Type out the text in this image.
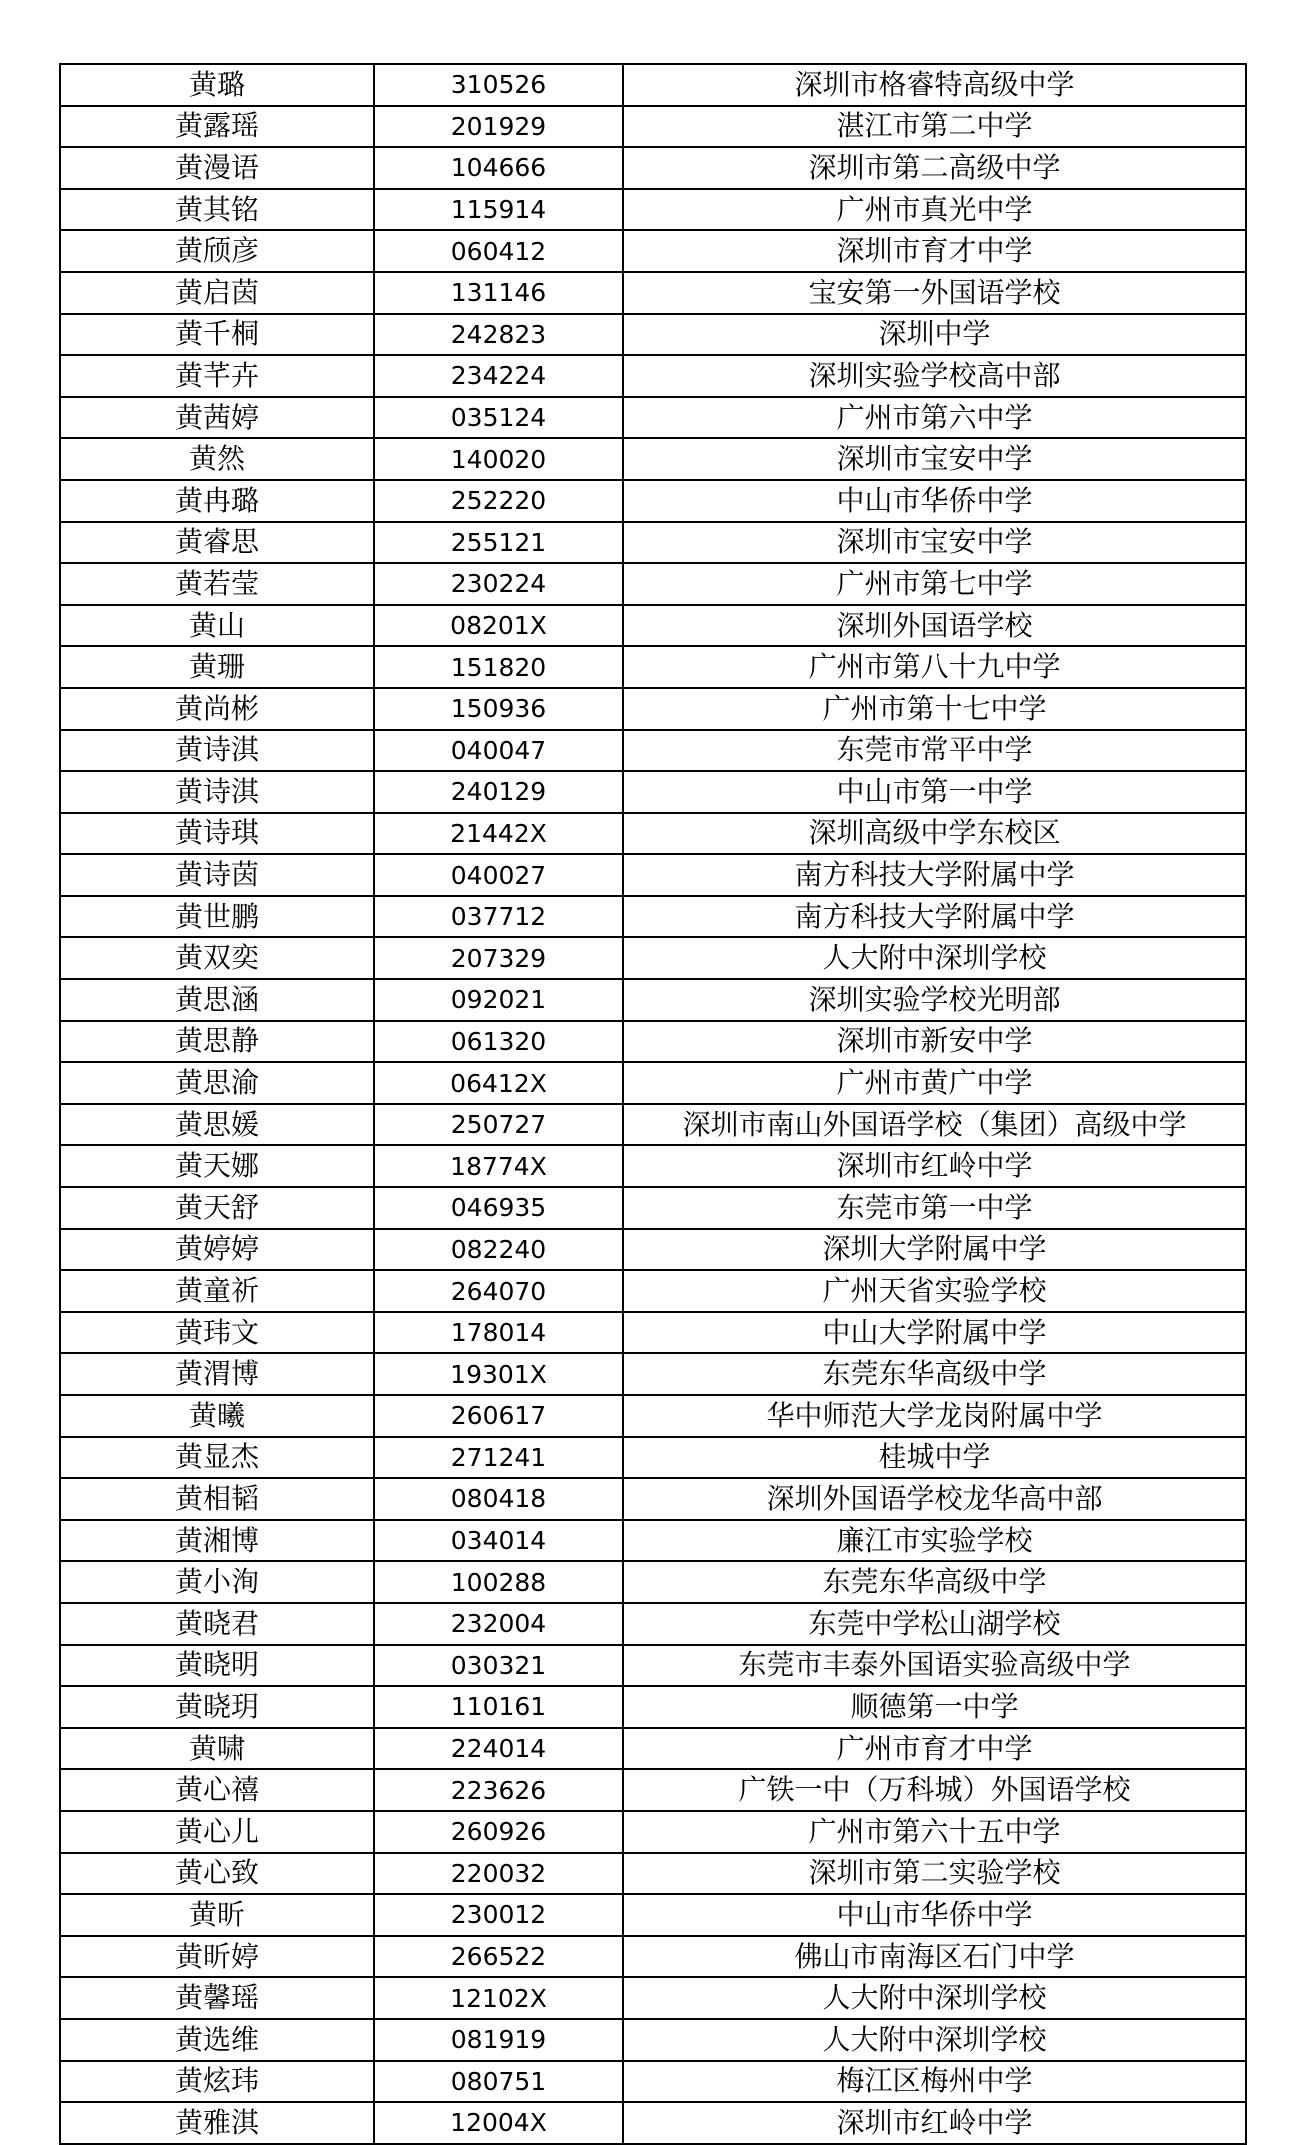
黄璐	310526	深圳市格睿特高级中学
黄露瑶	201929	湛江市第二中学
黄漫语	104666	深圳市第二高级中学
黄其铭	115914	广州市真光中学
黄颀彦	060412	深圳市育才中学
黄启茵	131146	宝安第一外国语学校
黄千桐	242823	深圳中学
黄芊卉	234224	深圳实验学校高中部
黄茜婷	035124	广州市第六中学
黄然	140020	深圳市宝安中学
黄冉璐	252220	中山市华侨中学
黄睿思	255121	深圳市宝安中学
黄若莹	230224	广州市第七中学
黄山	08201X	深圳外国语学校
黄珊	151820	广州市第八十九中学
黄尚彬	150936	广州市第十七中学
黄诗淇	040047	东莞市常平中学
黄诗淇	240129	中山市第一中学
黄诗琪	21442X	深圳高级中学东校区
黄诗茵	040027	南方科技大学附属中学
黄世鹏	037712	南方科技大学附属中学
黄双奕	207329	人大附中深圳学校
黄思涵	092021	深圳实验学校光明部
黄思静	061320	深圳市新安中学
黄思渝	06412X	广州市黄广中学
黄思媛	250727	深圳市南山外国语学校（集团）高级中学
黄天娜	18774X	深圳市红岭中学
黄天舒	046935	东莞市第一中学
黄婷婷	082240	深圳大学附属中学
黄童祈	264070	广州天省实验学校
黄玮文	178014	中山大学附属中学
黄渭博	19301X	东莞东华高级中学
黄曦	260617	华中师范大学龙岗附属中学
黄显杰	271241	桂城中学
黄相韬	080418	深圳外国语学校龙华高中部
黄湘博	034014	廉江市实验学校
黄小洵	100288	东莞东华高级中学
黄晓君	232004	东莞中学松山湖学校
黄晓明	030321	东莞市丰泰外国语实验高级中学
黄晓玥	110161	顺德第一中学
黄啸	224014	广州市育才中学
黄心禧	223626	广铁一中（万科城）外国语学校
黄心儿	260926	广州市第六十五中学
黄心致	220032	深圳市第二实验学校
黄昕	230012	中山市华侨中学
黄昕婷	266522	佛山市南海区石门中学
黄馨瑶	12102X	人大附中深圳学校
黄选维	081919	人大附中深圳学校
黄炫玮	080751	梅江区梅州中学
黄雅淇	12004X	深圳市红岭中学
